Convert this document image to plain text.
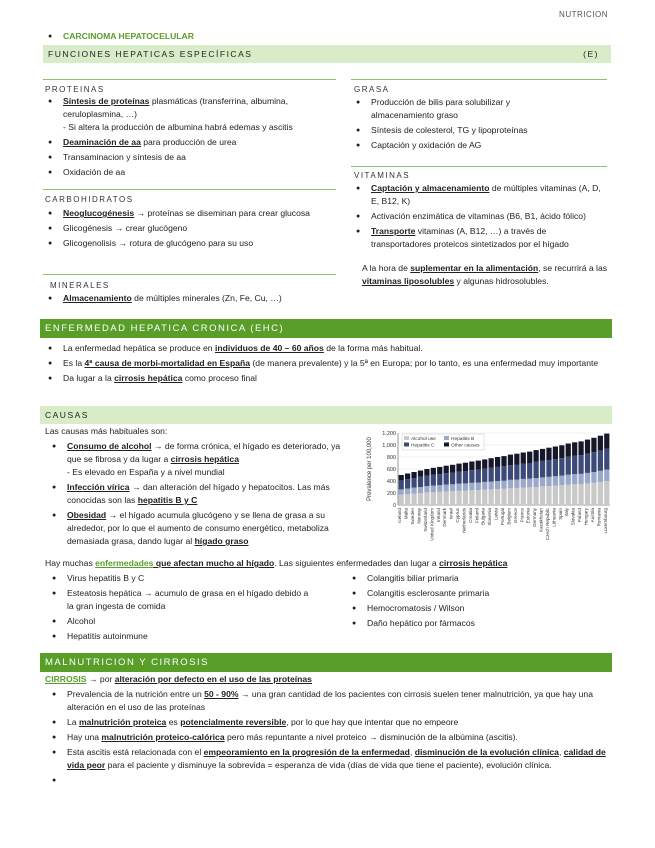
NUTRICION
● CARCINOMA HEPATOCELULAR
FUNCIONES HEPATICAS ESPECÍFICAS	(E)
PROTEINAS
● Síntesis de proteínas plasmáticas (transferrina, albumina, ceruloplasmina, …)
- Si altera la producción de albumina habrá edemas y ascitis
● Deaminación de aa para producción de urea
● Transaminacion y síntesis de aa
● Oxidación de aa
CARBOHIDRATOS
● Neoglucogénesis → proteínas se diseminan para crear glucosa
● Glicogénesis → crear glucógeno
● Glicogenolisis → rotura de glucógeno para su uso
MINERALES
● Almacenamiento de múltiples minerales (Zn, Fe, Cu, …)
GRASA
● Producción de bilis para solubilizar y almacenamiento graso
● Síntesis de colesterol, TG y lipoproteínas
● Captación y oxidación de AG
VITAMINAS
● Captación y almacenamiento de múltiples vitaminas (A, D, E, B12, K)
● Activación enzimática de vitaminas (B6, B1, ácido fólico)
● Transporte vitaminas (A, B12, …) a través de transportadores proteicos sintetizados por el hígado
A la hora de suplementar en la alimentación, se recurrirá a las vitaminas liposolubles y algunas hidrosolubles.
ENFERMEDAD HEPATICA CRONICA (EHC)
● La enfermedad hepática se produce en individuos de 40 – 60 años de la forma más habitual.
● Es la 4ª causa de morbi-mortalidad en España (de manera prevalente) y la 5ª en Europa; por lo tanto, es una enfermedad muy importante
● Da lugar a la cirrosis hepática como proceso final
CAUSAS
Las causas más habituales son:
● Consumo de alcohol → de forma crónica, el hígado es deteriorado, ya que se fibrosa y da lugar a cirrosis hepática
- Es elevado en España y a nivel mundial
● Infección vírica → dan alteración del hígado y hepatocitos. Las más conocidas son las hepatitis B y C
● Obesidad → el hígado acumula glucógeno y se llena de grasa a su alrededor, por lo que el aumento de consumo energético, metaboliza demasiada grasa, dando lugar al hígado graso
Prevalence per 100,000
0
200
400
600
800
1,000
1,200
Iceland Malta Sweden Norway Switzerland United Kingdom Ireland Denmark Israel Cyprus Netherlands Croatia Finland Bulgaria Slovenia Latvia Portugal Belgium Greece France Estonia Germany Kazakhstan Czech Republic Lithuania Spain Italy Slovakia Poland Hungary Austria Romania Luxembourg
Alcohol use	Hepatitis B
Hepatitis C	Other causes
Hay muchas enfermedades que afectan mucho al hígado. Las siguientes enfermedades dan lugar a cirrosis hepática
● Virus hepatitis B y C
● Esteatosis hepática → acumulo de grasa en el hígado debido a la gran ingesta de comida
● Alcohol
● Hepatitis autoinmune
● Colangitis biliar primaria
● Colangitis esclerosante primaria
● Hemocromatosis / Wilson
● Daño hepático por fármacos
MALNUTRICION Y CIRROSIS
CIRROSIS → por alteración por defecto en el uso de las proteínas
● Prevalencia de la nutrición entre un 50 - 90% → una gran cantidad de los pacientes con cirrosis suelen tener malnutrición, ya que hay una alteración en el uso de las proteínas
● La malnutrición proteica es potencialmente reversible, por lo que hay que intentar que no empeore
● Hay una malnutrición proteico-calórica pero más repuntante a nivel proteico → disminución de la albúmina (ascitis).
● Esta ascitis está relacionada con el empeoramiento en la progresión de la enfermedad, disminución de la evolución clínica, calidad de vida peor para el paciente y disminuye la sobrevida = esperanza de vida (días de vida que tiene el paciente), evolución clínica.
